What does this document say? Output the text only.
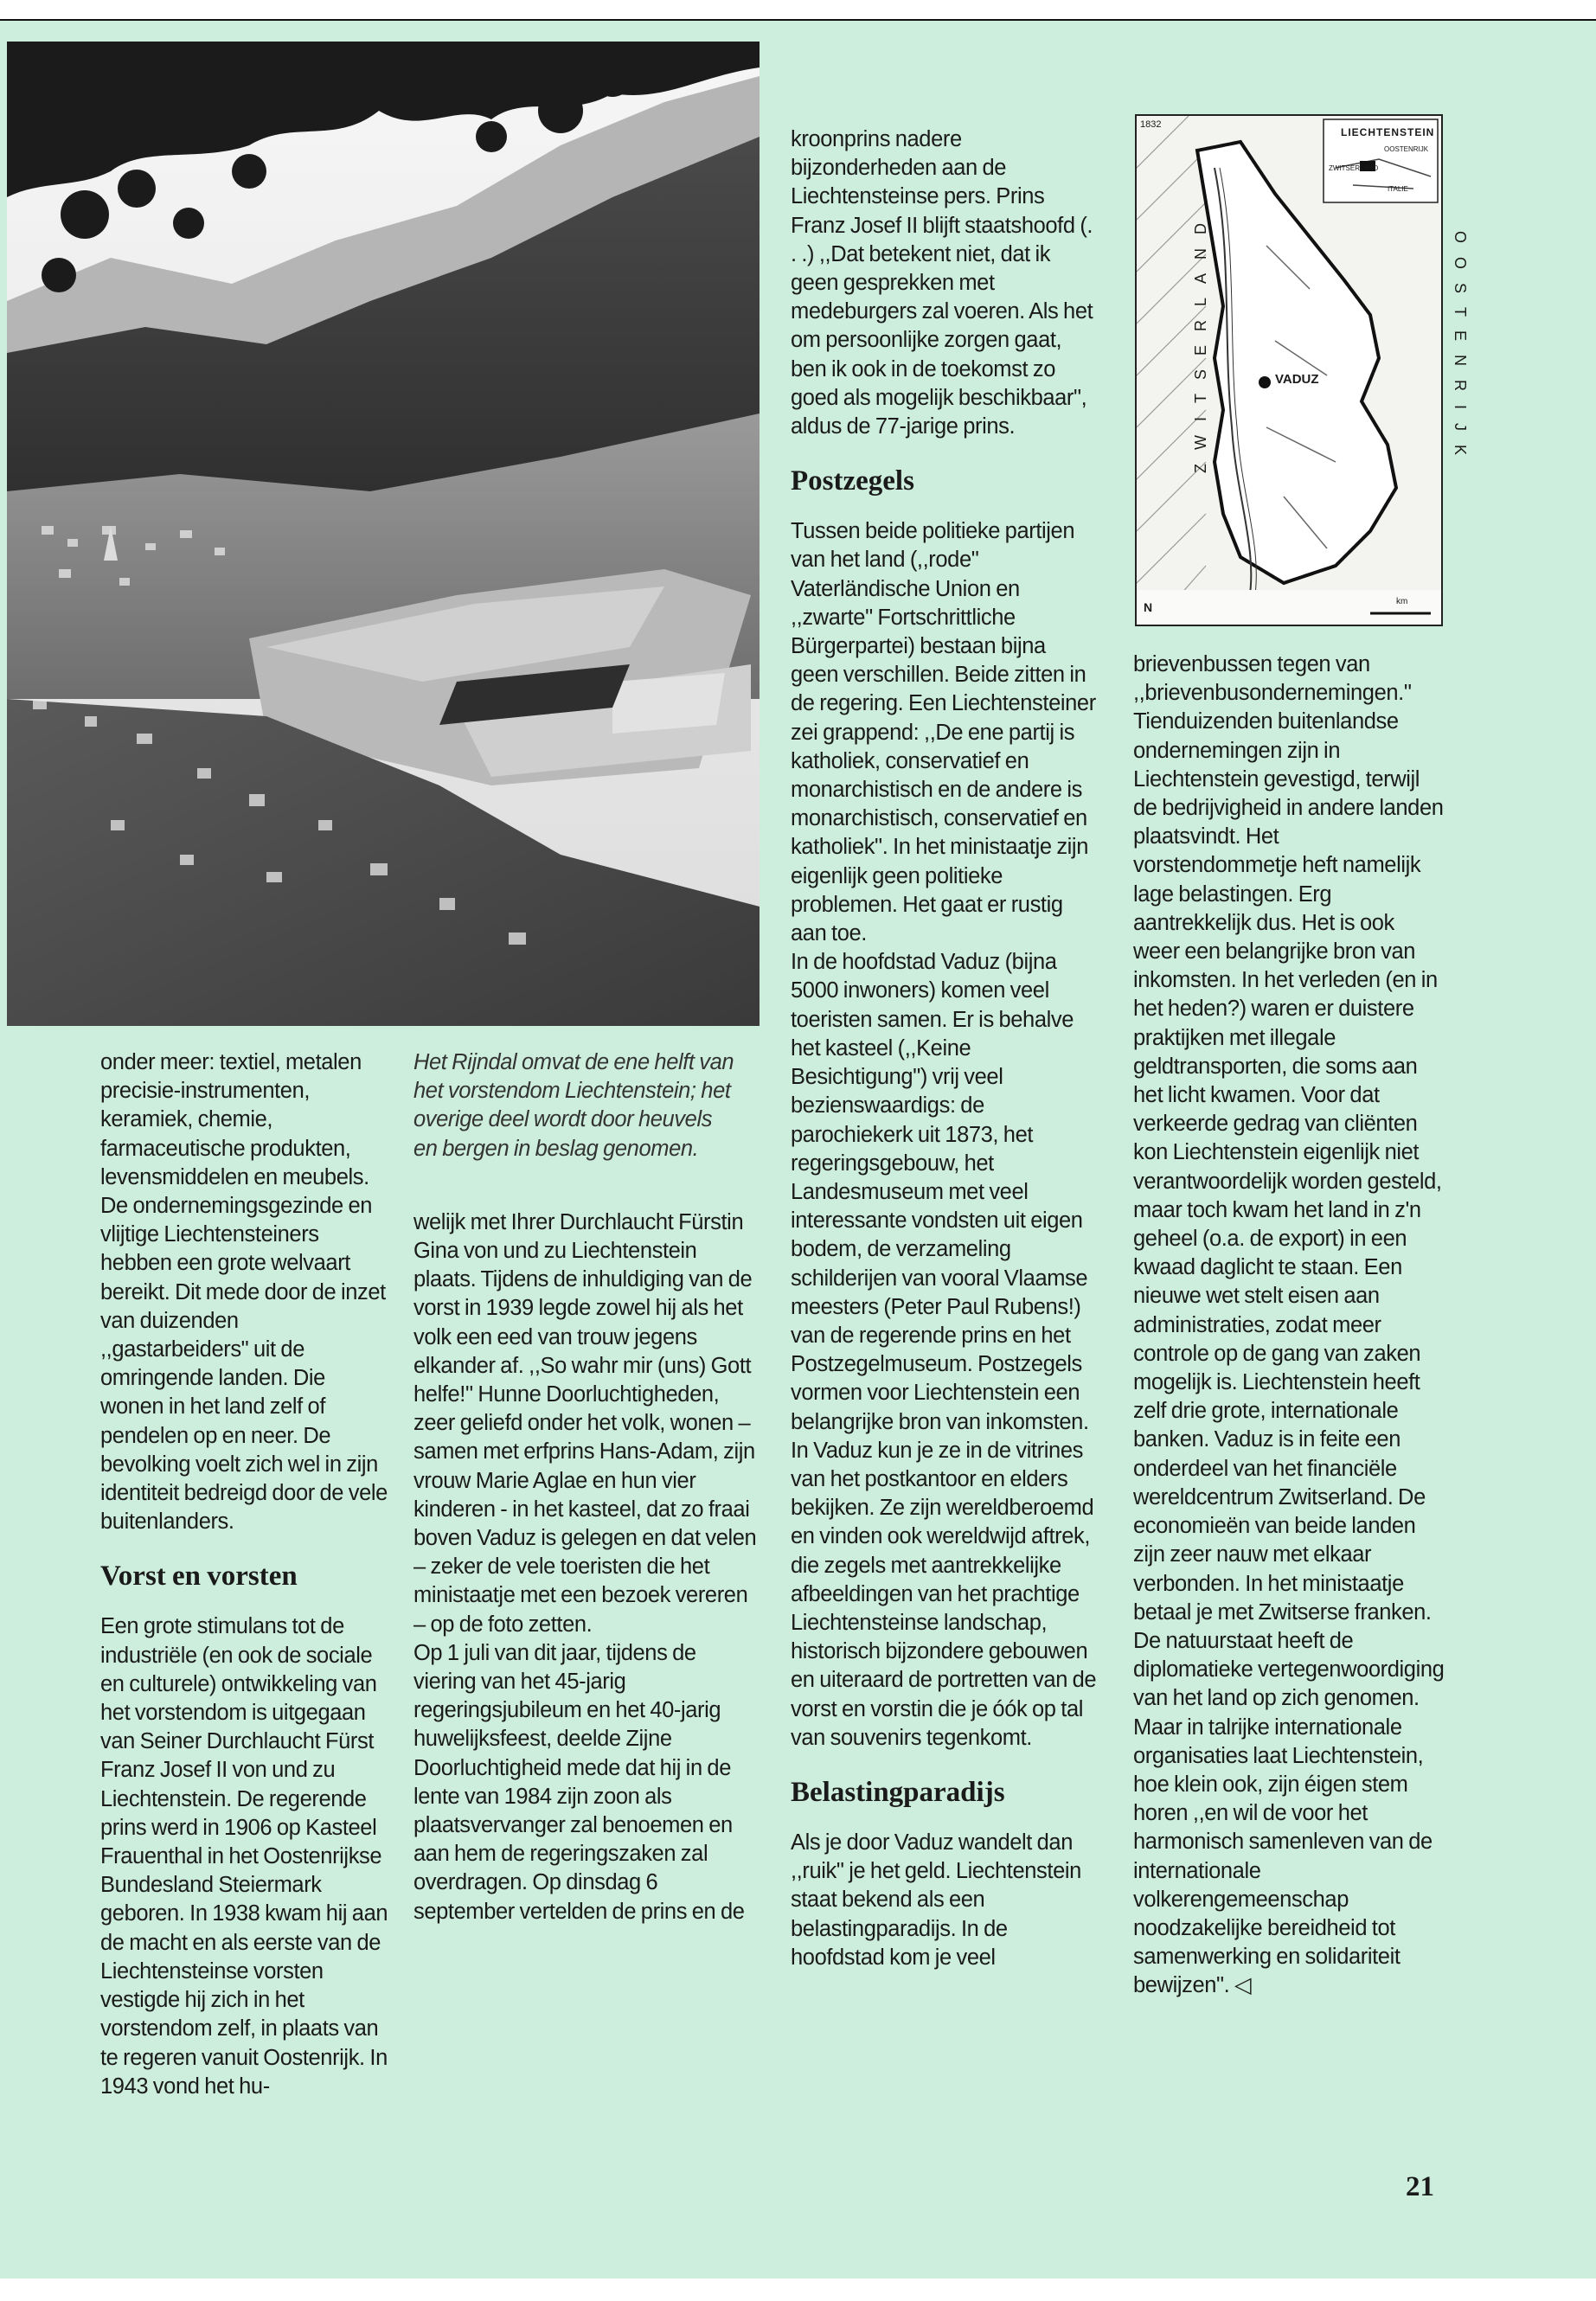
LIECHTENSTEIN
OOSTENRIJK
ZWITSERLAND
ITALIE
1832
ZWITSERLAND	OOSTENRIJK
VADUZ
N	km

onder meer: textiel, metalen precisie-instrumenten, keramiek, chemie, farmaceutische produkten, levensmiddelen en meubels. De ondernemingsgezinde en vlijtige Liechtensteiners hebben een grote welvaart bereikt. Dit mede door de inzet van duizenden ,,gastarbeiders" uit de omringende landen. Die wonen in het land zelf of pendelen op en neer. De bevolking voelt zich wel in zijn identiteit bedreigd door de vele buitenlanders.

Vorst en vorsten

Een grote stimulans tot de industriële (en ook de sociale en culturele) ontwikkeling van het vorstendom is uitgegaan van Seiner Durchlaucht Fürst Franz Josef II von und zu Liechtenstein. De regerende prins werd in 1906 op Kasteel Frauenthal in het Oostenrijkse Bundesland Steiermark geboren. In 1938 kwam hij aan de macht en als eerste van de Liechtensteinse vorsten vestigde hij zich in het vorstendom zelf, in plaats van te regeren vanuit Oostenrijk. In 1943 vond het hu-

Het Rijndal omvat de ene helft van het vorstendom Liechtenstein; het overige deel wordt door heuvels en bergen in beslag genomen.

welijk met Ihrer Durchlaucht Fürstin Gina von und zu Liechtenstein plaats. Tijdens de inhuldiging van de vorst in 1939 legde zowel hij als het volk een eed van trouw jegens elkander af. ,,So wahr mir (uns) Gott helfe!" Hunne Doorluchtigheden, zeer geliefd onder het volk, wonen – samen met erfprins Hans-Adam, zijn vrouw Marie Aglae en hun vier kinderen - in het kasteel, dat zo fraai boven Vaduz is gelegen en dat velen – zeker de vele toeristen die het ministaatje met een bezoek vereren – op de foto zetten.

Op 1 juli van dit jaar, tijdens de viering van het 45-jarig regeringsjubileum en het 40-jarig huwelijksfeest, deelde Zijne Doorluchtigheid mede dat hij in de lente van 1984 zijn zoon als plaatsvervanger zal benoemen en aan hem de regeringszaken zal overdragen. Op dinsdag 6 september vertelden de prins en de

kroonprins nadere bijzonderheden aan de Liechtensteinse pers. Prins Franz Josef II blijft staatshoofd (. . .) ,,Dat betekent niet, dat ik geen gesprekken met medeburgers zal voeren. Als het om persoonlijke zorgen gaat, ben ik ook in de toekomst zo goed als mogelijk beschikbaar", aldus de 77-jarige prins.

Postzegels

Tussen beide politieke partijen van het land (,,rode" Vaterländische Union en ,,zwarte" Fortschrittliche Bürgerpartei) bestaan bijna geen verschillen. Beide zitten in de regering. Een Liechtensteiner zei grappend: ,,De ene partij is katholiek, conservatief en monarchistisch en de andere is monarchistisch, conservatief en katholiek". In het ministaatje zijn eigenlijk geen politieke problemen. Het gaat er rustig aan toe.

In de hoofdstad Vaduz (bijna 5000 inwoners) komen veel toeristen samen. Er is behalve het kasteel (,,Keine Besichtigung") vrij veel bezienswaardigs: de parochiekerk uit 1873, het regeringsgebouw, het Landesmuseum met veel interessante vondsten uit eigen bodem, de verzameling schilderijen van vooral Vlaamse meesters (Peter Paul Rubens!) van de regerende prins en het Postzegelmuseum. Postzegels vormen voor Liechtenstein een belangrijke bron van inkomsten. In Vaduz kun je ze in de vitrines van het postkantoor en elders bekijken. Ze zijn wereldberoemd en vinden ook wereldwijd aftrek, die zegels met aantrekkelijke afbeeldingen van het prachtige Liechtensteinse landschap, historisch bijzondere gebouwen en uiteraard de portretten van de vorst en vorstin die je óók op tal van souvenirs tegenkomt.

Belastingparadijs

Als je door Vaduz wandelt dan ,,ruik" je het geld. Liechtenstein staat bekend als een belastingparadijs. In de hoofdstad kom je veel

brievenbussen tegen van ,,brievenbusondernemingen." Tienduizenden buitenlandse ondernemingen zijn in Liechtenstein gevestigd, terwijl de bedrijvigheid in andere landen plaatsvindt. Het vorstendommetje heft namelijk lage belastingen. Erg aantrekkelijk dus. Het is ook weer een belangrijke bron van inkomsten. In het verleden (en in het heden?) waren er duistere praktijken met illegale geldtransporten, die soms aan het licht kwamen. Voor dat verkeerde gedrag van cliënten kon Liechtenstein eigenlijk niet verantwoordelijk worden gesteld, maar toch kwam het land in z'n geheel (o.a. de export) in een kwaad daglicht te staan. Een nieuwe wet stelt eisen aan administraties, zodat meer controle op de gang van zaken mogelijk is. Liechtenstein heeft zelf drie grote, internationale banken. Vaduz is in feite een onderdeel van het financiële wereldcentrum Zwitserland. De economieën van beide landen zijn zeer nauw met elkaar verbonden. In het ministaatje betaal je met Zwitserse franken.

De natuurstaat heeft de diplomatieke vertegenwoordiging van het land op zich genomen. Maar in talrijke internationale organisaties laat Liechtenstein, hoe klein ook, zijn éigen stem horen ,,en wil de voor het harmonisch samenleven van de internationale volkerengemeenschap noodzakelijke bereidheid tot samenwerking en solidariteit bewijzen". ◁

21
